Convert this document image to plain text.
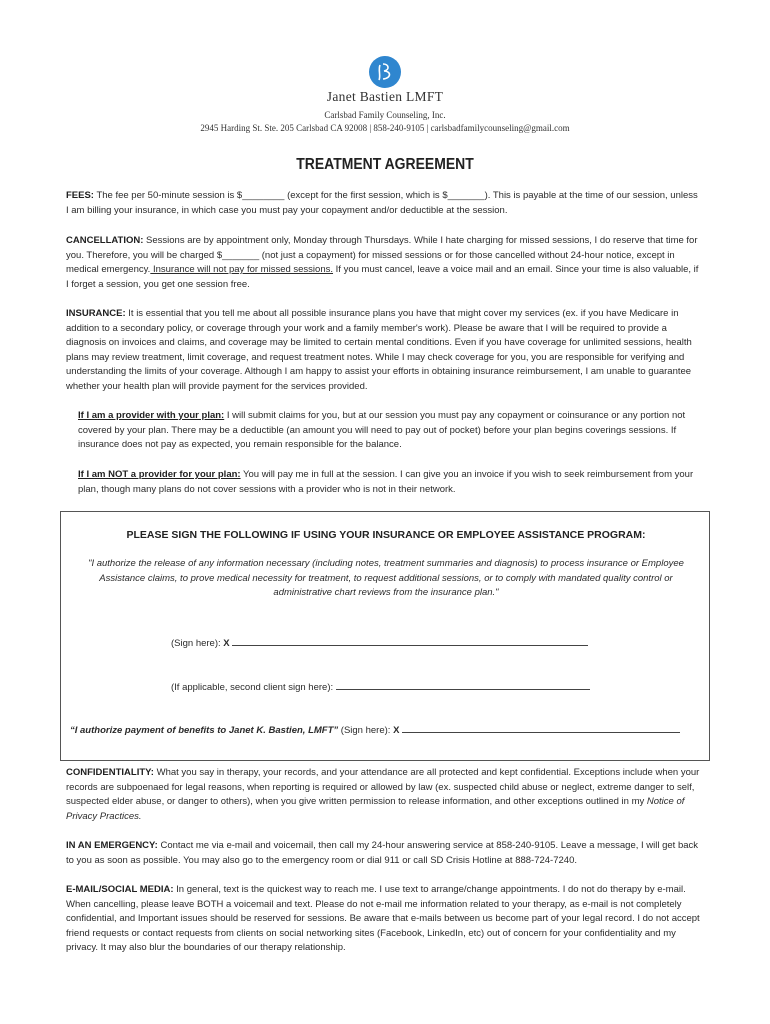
Janet Bastien LMFT
Carlsbad Family Counseling, Inc.
2945 Harding St. Ste. 205 Carlsbad CA 92008 | 858-240-9105 | carlsbadfamilycounseling@gmail.com
TREATMENT AGREEMENT

FEES: The fee per 50-minute session is $________ (except for the first session, which is $_______). This is payable at the time of our session, unless I am billing your insurance, in which case you must pay your copayment and/or deductible at the session.

CANCELLATION: Sessions are by appointment only, Monday through Thursdays. While I hate charging for missed sessions, I do reserve that time for you. Therefore, you will be charged $_______ (not just a copayment) for missed sessions or for those cancelled without 24-hour notice, except in medical emergency. Insurance will not pay for missed sessions. If you must cancel, leave a voice mail and an email. Since your time is also valuable, if I forget a session, you get one session free.

INSURANCE: It is essential that you tell me about all possible insurance plans you have that might cover my services (ex. if you have Medicare in addition to a secondary policy, or coverage through your work and a family member's work). Please be aware that I will be required to provide a diagnosis on invoices and claims, and coverage may be limited to certain mental conditions. Even if you have coverage for unlimited sessions, health plans may review treatment, limit coverage, and request treatment notes. While I may check coverage for you, you are responsible for verifying and understanding the limits of your coverage. Although I am happy to assist your efforts in obtaining insurance reimbursement, I am unable to guarantee whether your health plan will provide payment for the services provided.

If I am a provider with your plan: I will submit claims for you, but at our session you must pay any copayment or coinsurance or any portion not covered by your plan. There may be a deductible (an amount you will need to pay out of pocket) before your plan begins coverings sessions. If insurance does not pay as expected, you remain responsible for the balance.

If I am NOT a provider for your plan: You will pay me in full at the session. I can give you an invoice if you wish to seek reimbursement from your plan, though many plans do not cover sessions with a provider who is not in their network.

PLEASE SIGN THE FOLLOWING IF USING YOUR INSURANCE OR EMPLOYEE ASSISTANCE PROGRAM:

"I authorize the release of any information necessary (including notes, treatment summaries and diagnosis) to process insurance or Employee Assistance claims, to prove medical necessity for treatment, to request additional sessions, or to comply with mandated quality control or administrative chart reviews from the insurance plan."

(Sign here): X
(If applicable, second client sign here):
“I authorize payment of benefits to Janet K. Bastien, LMFT” (Sign here): X

CONFIDENTIALITY: What you say in therapy, your records, and your attendance are all protected and kept confidential. Exceptions include when your records are subpoenaed for legal reasons, when reporting is required or allowed by law (ex. suspected child abuse or neglect, extreme danger to self, suspected elder abuse, or danger to others), when you give written permission to release information, and other exceptions outlined in my Notice of Privacy Practices.

IN AN EMERGENCY: Contact me via e-mail and voicemail, then call my 24-hour answering service at 858-240-9105. Leave a message, I will get back to you as soon as possible. You may also go to the emergency room or dial 911 or call SD Crisis Hotline at 888-724-7240.

E-MAIL/SOCIAL MEDIA: In general, text is the quickest way to reach me. I use text to arrange/change appointments. I do not do therapy by e-mail. When cancelling, please leave BOTH a voicemail and text. Please do not e-mail me information related to your therapy, as e-mail is not completely confidential, and Important issues should be reserved for sessions. Be aware that e-mails between us become part of your legal record. I do not accept friend requests or contact requests from clients on social networking sites (Facebook, LinkedIn, etc) out of concern for your confidentiality and my privacy. It may also blur the boundaries of our therapy relationship.
